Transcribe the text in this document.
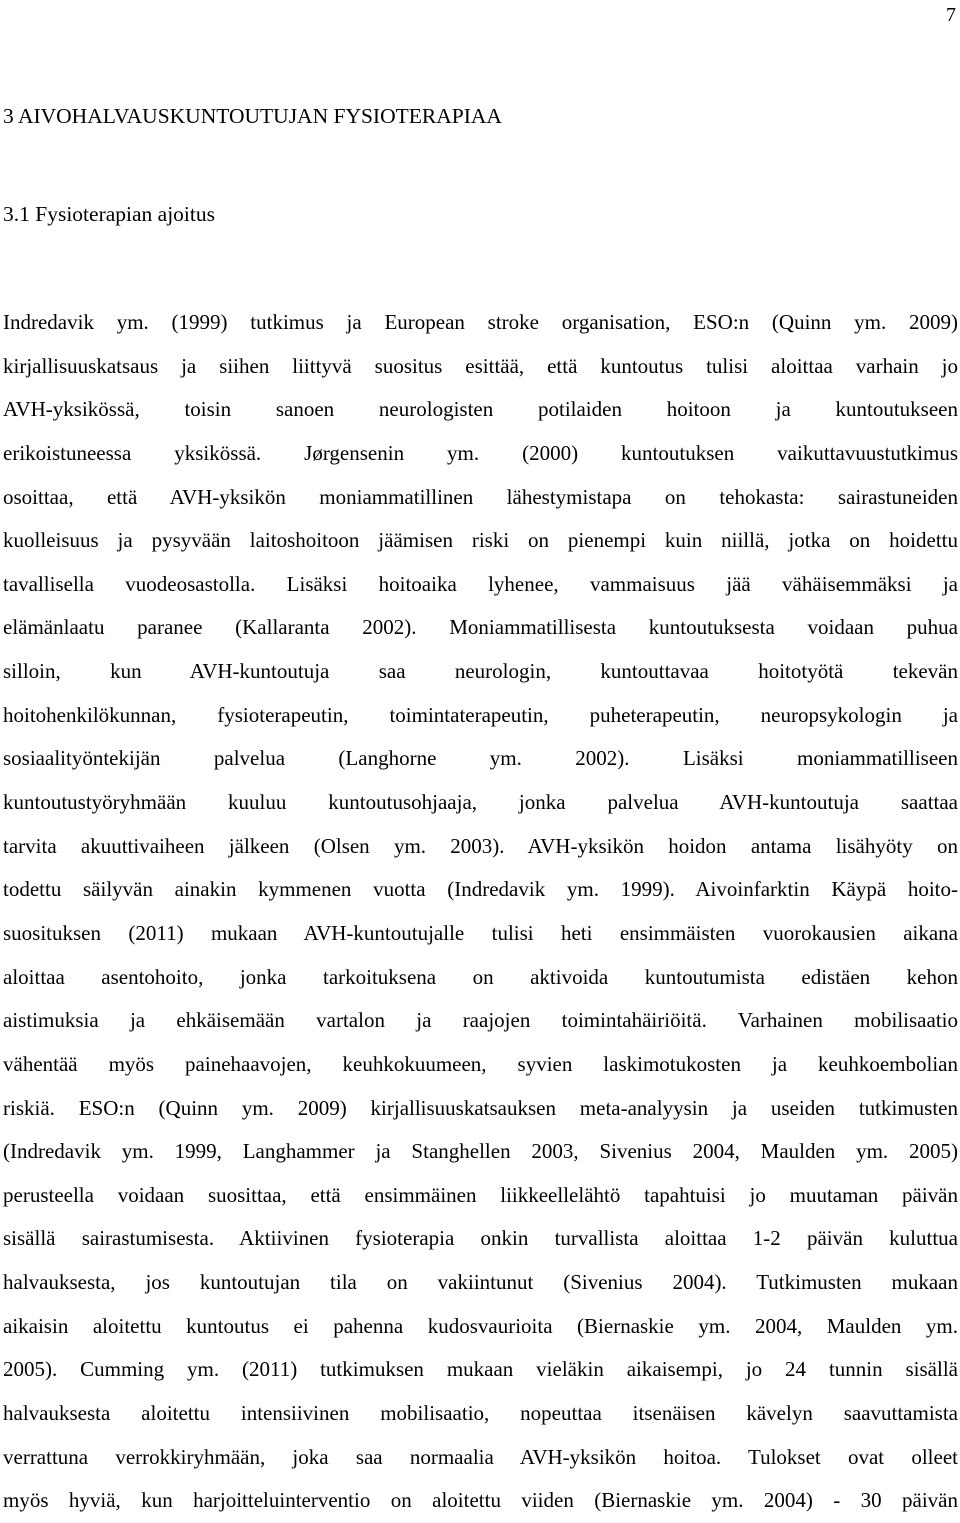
7
3 AIVOHALVAUSKUNTOUTUJAN FYSIOTERAPIAA
3.1 Fysioterapian ajoitus
Indredavik ym. (1999) tutkimus ja European stroke organisation, ESO:n (Quinn ym. 2009)
kirjallisuuskatsaus ja siihen liittyvä suositus esittää, että kuntoutus tulisi aloittaa varhain jo
AVH-yksikössä, toisin sanoen neurologisten potilaiden hoitoon ja kuntoutukseen
erikoistuneessa yksikössä. Jørgensenin ym. (2000) kuntoutuksen vaikuttavuustutkimus
osoittaa, että AVH-yksikön moniammatillinen lähestymistapa on tehokasta: sairastuneiden
kuolleisuus ja pysyvään laitoshoitoon jäämisen riski on pienempi kuin niillä, jotka on hoidettu
tavallisella vuodeosastolla. Lisäksi hoitoaika lyhenee, vammaisuus jää vähäisemmäksi ja
elämänlaatu paranee (Kallaranta 2002). Moniammatillisesta kuntoutuksesta voidaan puhua
silloin, kun AVH-kuntoutuja saa neurologin, kuntouttavaa hoitotyötä tekevän
hoitohenkilökunnan, fysioterapeutin, toimintaterapeutin, puheterapeutin, neuropsykologin ja
sosiaalityöntekijän palvelua (Langhorne ym. 2002). Lisäksi moniammatilliseen
kuntoutustyöryhmään kuuluu kuntoutusohjaaja, jonka palvelua AVH-kuntoutuja saattaa
tarvita akuuttivaiheen jälkeen (Olsen ym. 2003). AVH-yksikön hoidon antama lisähyöty on
todettu säilyvän ainakin kymmenen vuotta (Indredavik ym. 1999). Aivoinfarktin Käypä hoito-
suosituksen (2011) mukaan AVH-kuntoutujalle tulisi heti ensimmäisten vuorokausien aikana
aloittaa asentohoito, jonka tarkoituksena on aktivoida kuntoutumista edistäen kehon
aistimuksia ja ehkäisemään vartalon ja raajojen toimintahäiriöitä. Varhainen mobilisaatio
vähentää myös painehaavojen, keuhkokuumeen, syvien laskimotukosten ja keuhkoembolian
riskiä. ESO:n (Quinn ym. 2009) kirjallisuuskatsauksen meta-analyysin ja useiden tutkimusten
(Indredavik ym. 1999, Langhammer ja Stanghellen 2003, Sivenius 2004, Maulden ym. 2005)
perusteella voidaan suosittaa, että ensimmäinen liikkeellelähtö tapahtuisi jo muutaman päivän
sisällä sairastumisesta. Aktiivinen fysioterapia onkin turvallista aloittaa 1-2 päivän kuluttua
halvauksesta, jos kuntoutujan tila on vakiintunut (Sivenius 2004). Tutkimusten mukaan
aikaisin aloitettu kuntoutus ei pahenna kudosvaurioita (Biernaskie ym. 2004, Maulden ym.
2005). Cumming ym. (2011) tutkimuksen mukaan vieläkin aikaisempi, jo 24 tunnin sisällä
halvauksesta aloitettu intensiivinen mobilisaatio, nopeuttaa itsenäisen kävelyn saavuttamista
verrattuna verrokkiryhmään, joka saa normaalia AVH-yksikön hoitoa. Tulokset ovat olleet
myös hyviä, kun harjoitteluinterventio on aloitettu viiden (Biernaskie ym. 2004) - 30 päivän
